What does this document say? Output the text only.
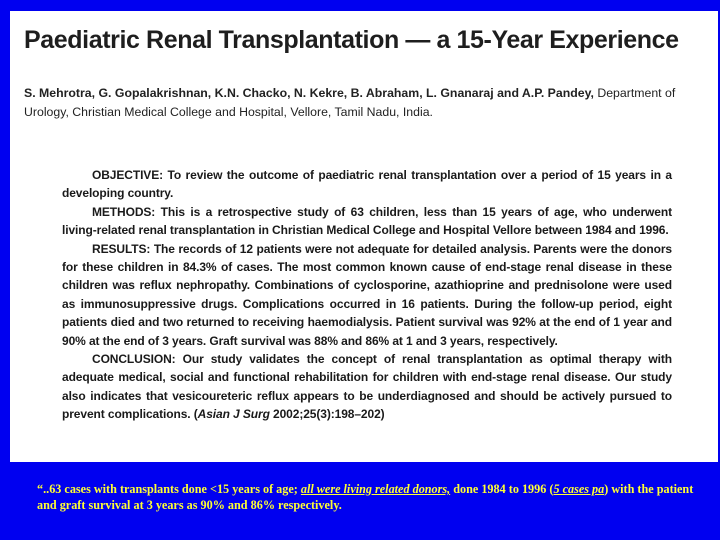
Paediatric Renal Transplantation — a 15-Year Experience

S. Mehrotra, G. Gopalakrishnan, K.N. Chacko, N. Kekre, B. Abraham, L. Gnanaraj and A.P. Pandey, Department of Urology, Christian Medical College and Hospital, Vellore, Tamil Nadu, India.

OBJECTIVE: To review the outcome of paediatric renal transplantation over a period of 15 years in a developing country.

METHODS: This is a retrospective study of 63 children, less than 15 years of age, who underwent living-related renal transplantation in Christian Medical College and Hospital Vellore between 1984 and 1996.

RESULTS: The records of 12 patients were not adequate for detailed analysis. Parents were the donors for these children in 84.3% of cases. The most common known cause of end-stage renal disease in these children was reflux nephropathy. Combinations of cyclosporine, azathioprine and prednisolone were used as immunosuppressive drugs. Complications occurred in 16 patients. During the follow-up period, eight patients died and two returned to receiving haemodialysis. Patient survival was 92% at the end of 1 year and 90% at the end of 3 years. Graft survival was 88% and 86% at 1 and 3 years, respectively.

CONCLUSION: Our study validates the concept of renal transplantation as optimal therapy with adequate medical, social and functional rehabilitation for children with end-stage renal disease. Our study also indicates that vesicoureteric reflux appears to be underdiagnosed and should be actively pursued to prevent complications. (Asian J Surg 2002;25(3):198–202)

“..63 cases with transplants done <15 years of age; all were living related donors, done 1984 to 1996 (5 cases pa) with the patient and graft survival at 3 years as 90% and 86% respectively.
